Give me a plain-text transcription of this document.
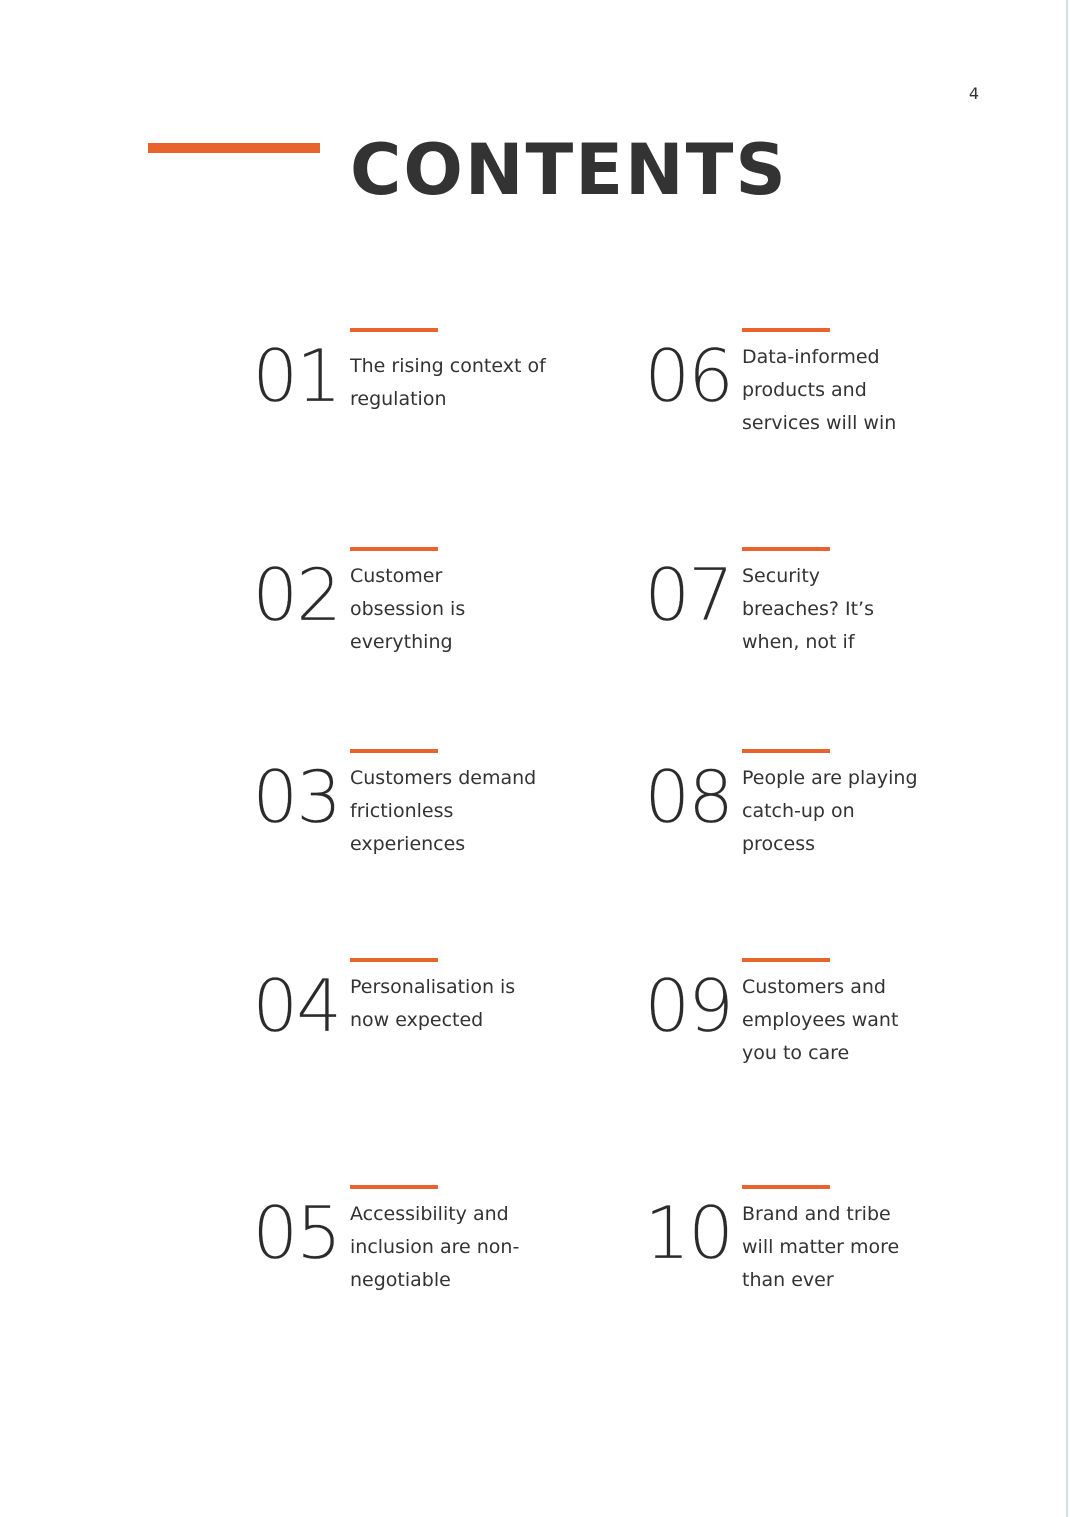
4
CONTENTS
01 The rising context of regulation
02 Customer obsession is everything
03 Customers demand frictionless experiences
04 Personalisation is now expected
05 Accessibility and inclusion are non-negotiable
06 Data-informed products and services will win
07 Security breaches? It’s when, not if
08 People are playing catch-up on process
09 Customers and employees want you to care
10 Brand and tribe will matter more than ever
